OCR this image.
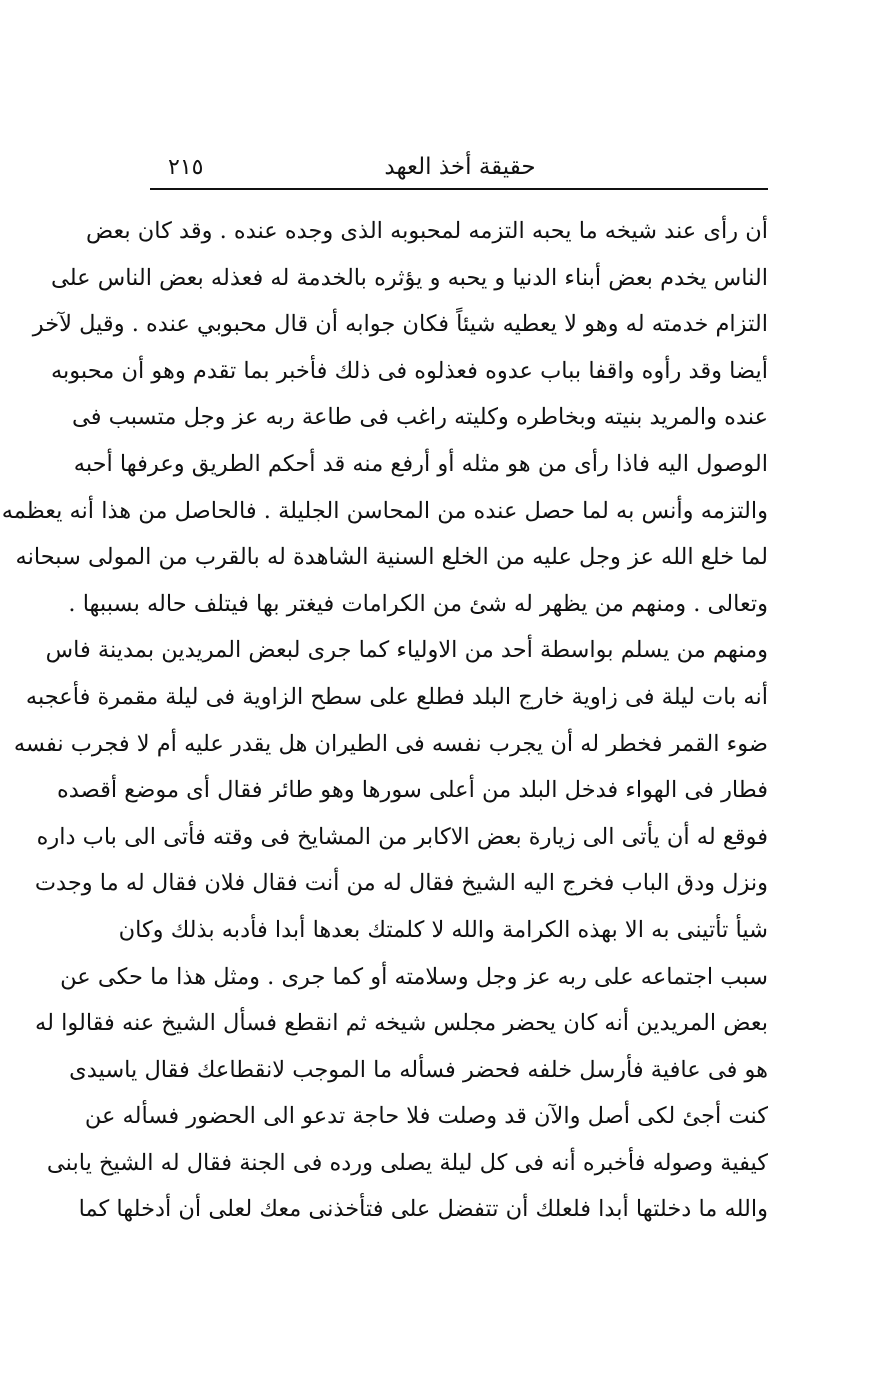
٢١٥	حقيقة أخذ العهد
أن رأى عند شيخه ما يحبه التزمه لمحبوبه الذى وجده عنده . وقد كان بعض
الناس يخدم بعض أبناء الدنيا و يحبه و يؤثره بالخدمة له فعذله بعض الناس على
التزام خدمته له وهو لا يعطيه شيئاً فكان جوابه أن قال محبوبي عنده . وقيل لآخر
أيضا وقد رأوه واقفا بباب عدوه فعذلوه فى ذلك فأخبر بما تقدم وهو أن محبوبه
عنده والمريد بنيته وبخاطره وكليته راغب فى طاعة ربه عز وجل متسبب فى
الوصول اليه فاذا رأى من هو مثله أو أرفع منه قد أحكم الطريق وعرفها أحبه
والتزمه وأنس به لما حصل عنده من المحاسن الجليلة . فالحاصل من هذا أنه يعظمه
لما خلع الله عز وجل عليه من الخلع السنية الشاهدة له بالقرب من المولى سبحانه
وتعالى . ومنهم من يظهر له شئ من الكرامات فيغتر بها فيتلف حاله بسببها .
ومنهم من يسلم بواسطة أحد من الاولياء كما جرى لبعض المريدين بمدينة فاس
أنه بات ليلة فى زاوية خارج البلد فطلع على سطح الزاوية فى ليلة مقمرة فأعجبه
ضوء القمر فخطر له أن يجرب نفسه فى الطيران هل يقدر عليه أم لا فجرب نفسه
فطار فى الهواء فدخل البلد من أعلى سورها وهو طائر فقال أى موضع أقصده
فوقع له أن يأتى الى زيارة بعض الاكابر من المشايخ فى وقته فأتى الى باب داره
ونزل ودق الباب فخرج اليه الشيخ فقال له من أنت فقال فلان فقال له ما وجدت
شيأ تأتينى به الا بهذه الكرامة والله لا كلمتك بعدها أبدا فأدبه بذلك وكان
سبب اجتماعه على ربه عز وجل وسلامته أو كما جرى . ومثل هذا ما حكى عن
بعض المريدين أنه كان يحضر مجلس شيخه ثم انقطع فسأل الشيخ عنه فقالوا له
هو فى عافية فأرسل خلفه فحضر فسأله ما الموجب لانقطاعك فقال ياسيدى
كنت أجئ لكى أصل والآن قد وصلت فلا حاجة تدعو الى الحضور فسأله عن
كيفية وصوله فأخبره أنه فى كل ليلة يصلى ورده فى الجنة فقال له الشيخ يابنى
والله ما دخلتها أبدا فلعلك أن تتفضل على فتأخذنى معك لعلى أن أدخلها كما
